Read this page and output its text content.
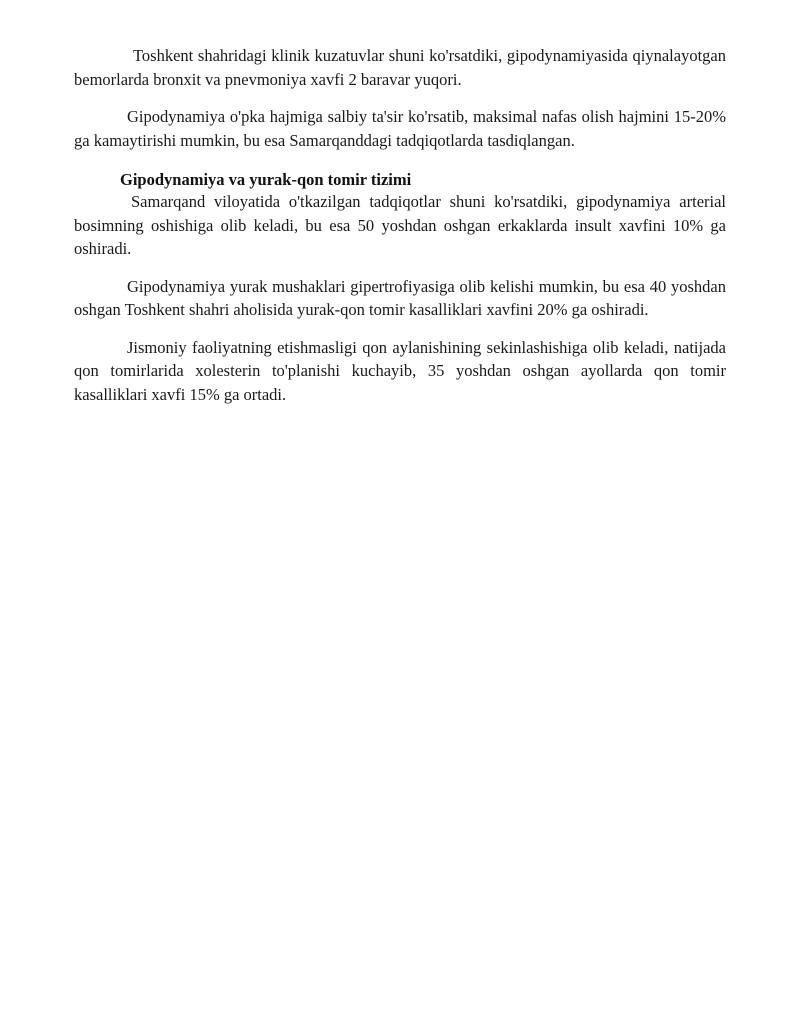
Toshkent shahridagi klinik kuzatuvlar shuni ko'rsatdiki, gipodynamiyasida qiynalayotgan bemorlarda bronxit va pnevmoniya xavfi 2 baravar yuqori.

Gipodynamiya o'pka hajmiga salbiy ta'sir ko'rsatib, maksimal nafas olish hajmini 15-20% ga kamaytirishi mumkin, bu esa Samarqanddagi tadqiqotlarda tasdiqlangan.

Gipodynamiya va yurak-qon tomir tizimi

Samarqand viloyatida o'tkazilgan tadqiqotlar shuni ko'rsatdiki, gipodynamiya arterial bosimning oshishiga olib keladi, bu esa 50 yoshdan oshgan erkaklarda insult xavfini 10% ga oshiradi.

Gipodynamiya yurak mushaklari gipertrofiyasiga olib kelishi mumkin, bu esa 40 yoshdan oshgan Toshkent shahri aholisida yurak-qon tomir kasalliklari xavfini 20% ga oshiradi.

Jismoniy faoliyatning etishmasligi qon aylanishining sekinlashishiga olib keladi, natijada qon tomirlarida xolesterin to'planishi kuchayib, 35 yoshdan oshgan ayollarda qon tomir kasalliklari xavfi 15% ga ortadi.
